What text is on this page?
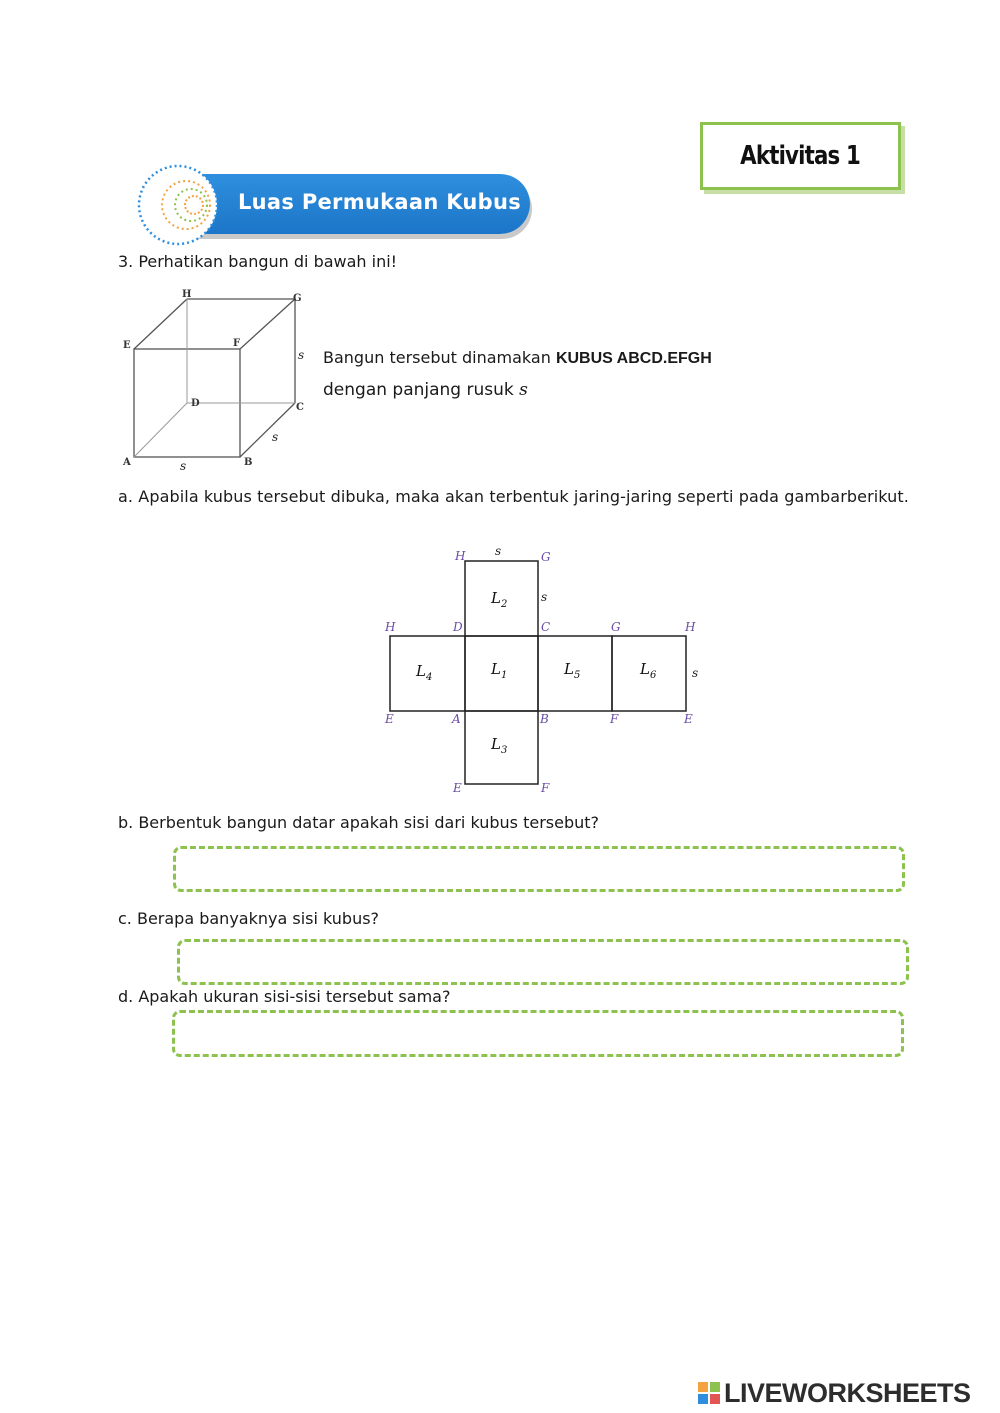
Aktivitas 1
Luas Permukaan Kubus
3. Perhatikan bangun di bawah ini!
H	G
E	F
D	C
A	B
s
s
s
Bangun tersebut dinamakan KUBUS ABCD.EFGH
dengan panjang rusuk s
a. Apabila kubus tersebut dibuka, maka akan terbentuk jaring-jaring seperti pada gambarberikut.
$L_2$
$L_4$	$L_1$	$L_5$	$L_6$
$L_3$
H	G
H	D	C	G	H
E	A	B	F	E
E	F
s
s
s
b. Berbentuk bangun datar apakah sisi dari kubus tersebut?
c. Berapa banyaknya sisi kubus?
d. Apakah ukuran sisi-sisi tersebut sama?
LIVEWORKSHEETS
